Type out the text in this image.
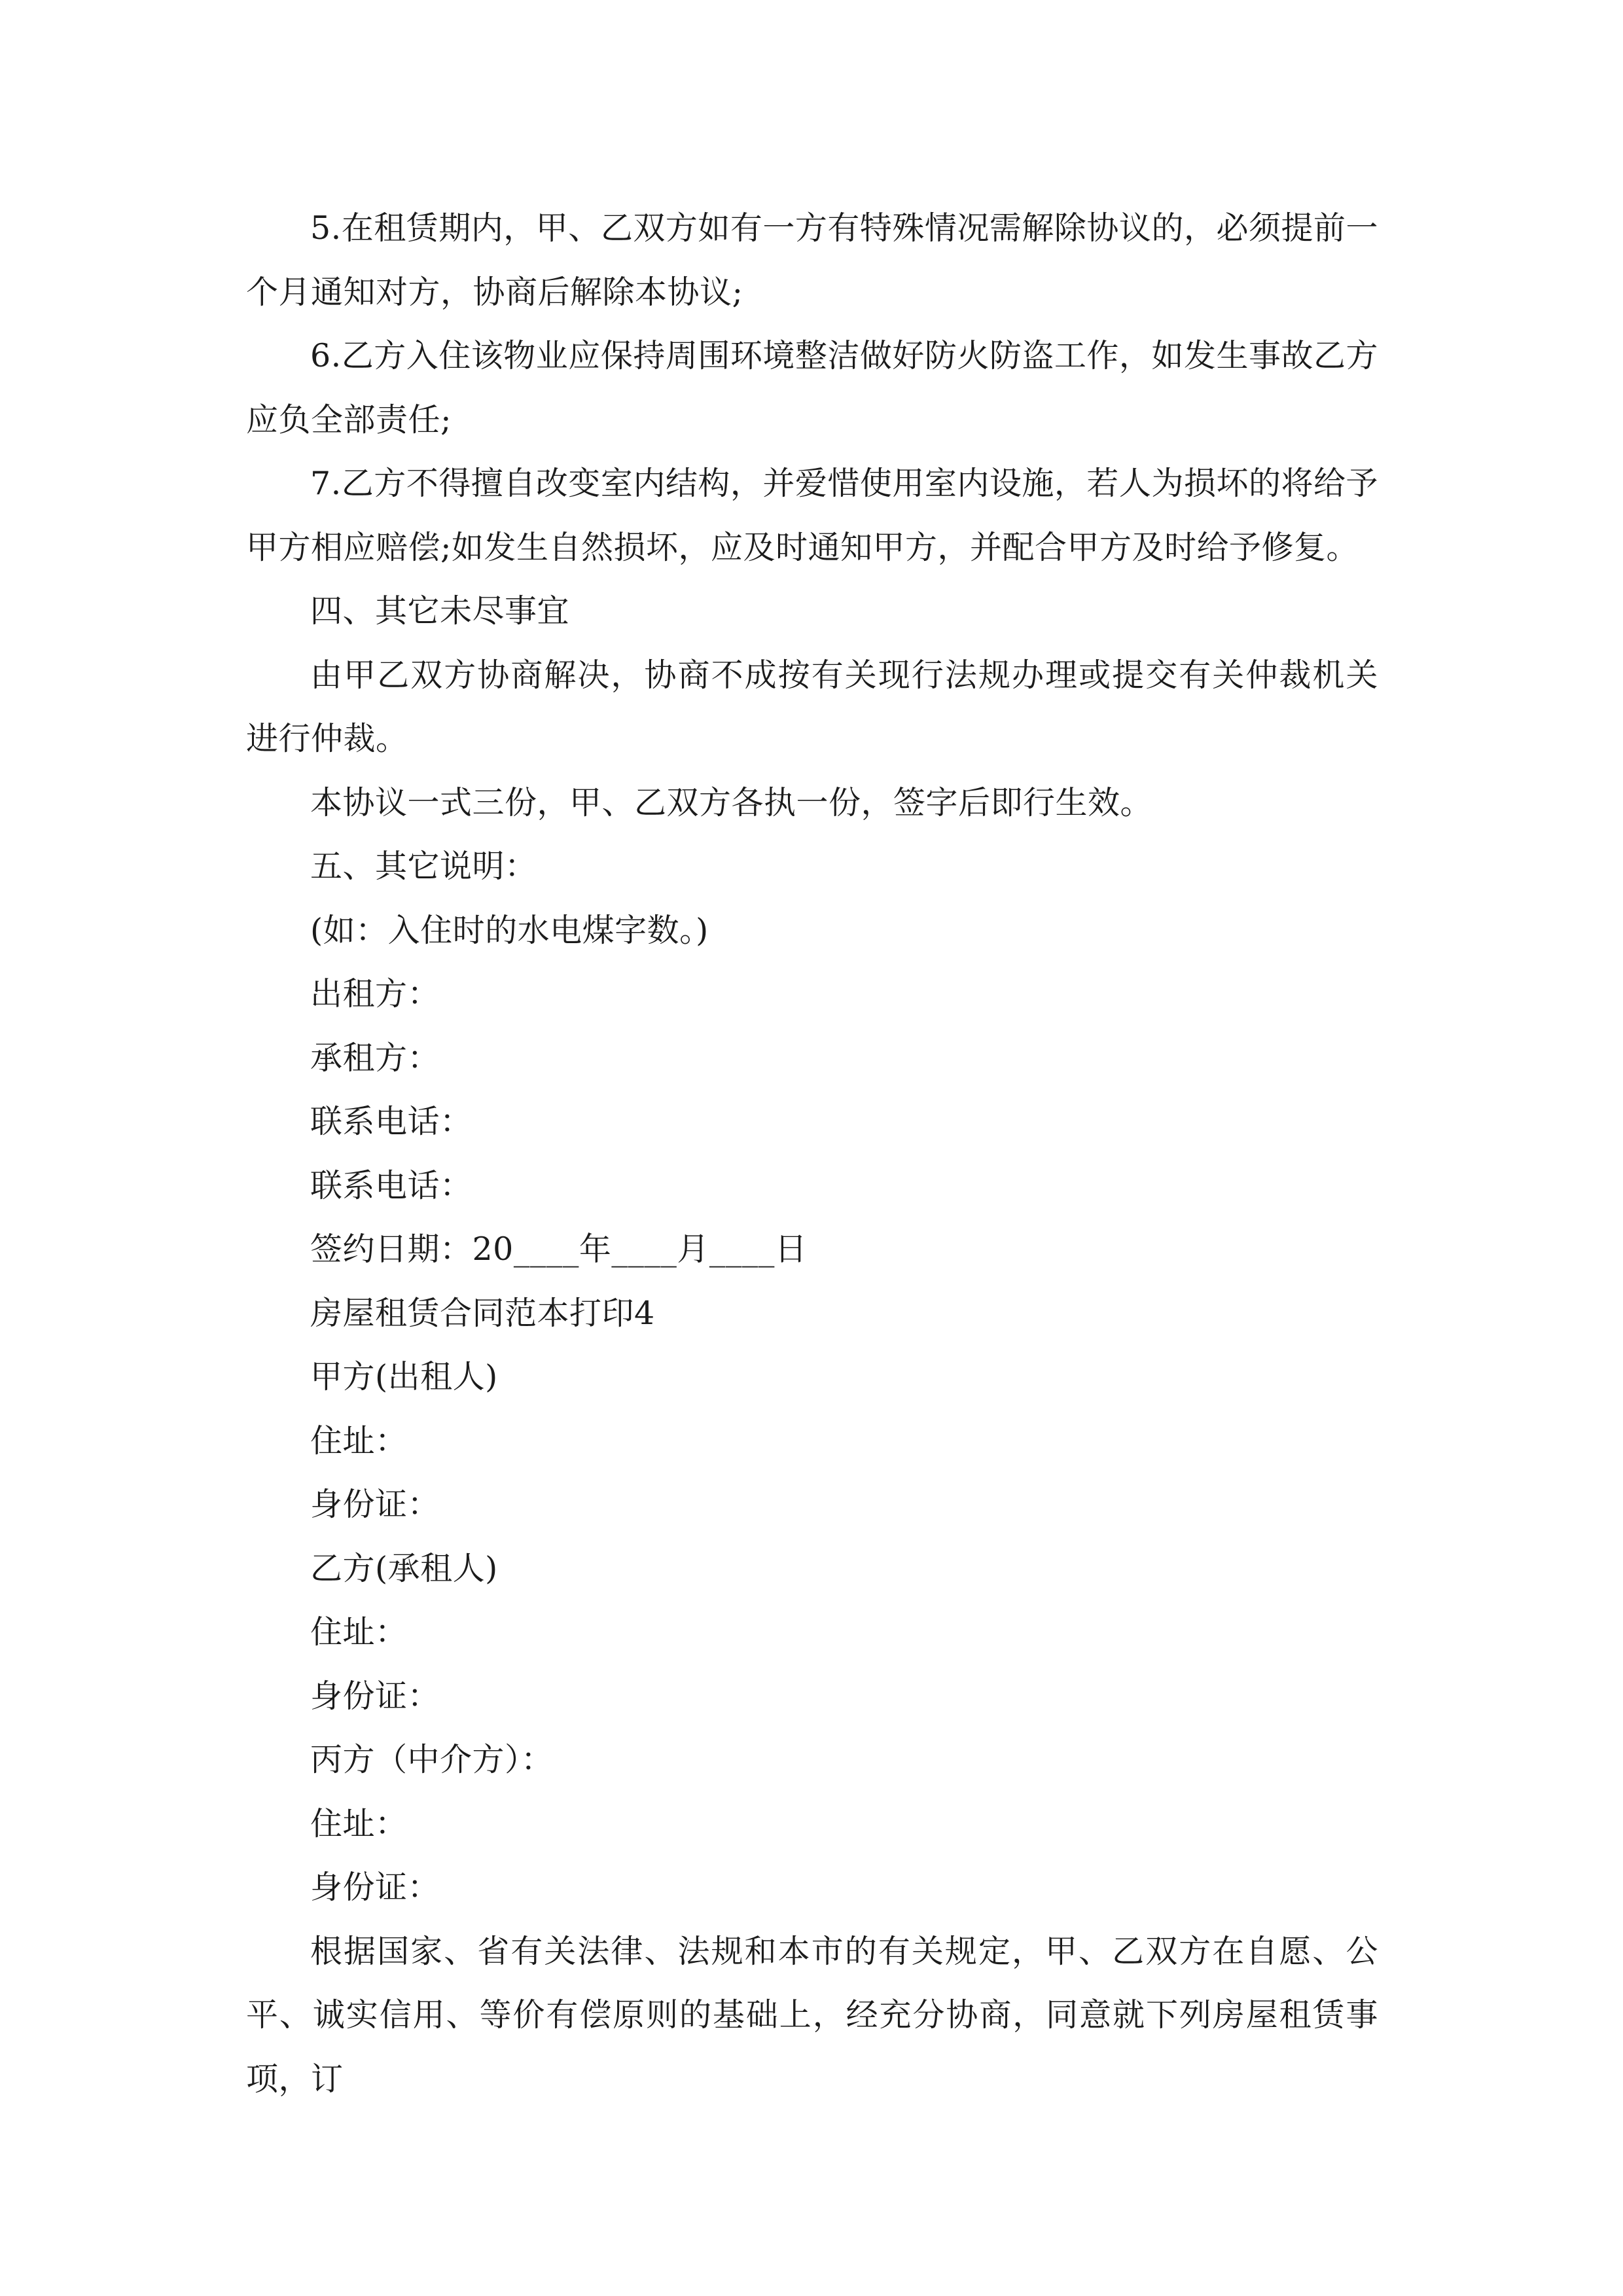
5.在租赁期内，甲、乙双方如有一方有特殊情况需解除协议的，必须提前一个月通知对方，协商后解除本协议;

6.乙方入住该物业应保持周围环境整洁做好防火防盗工作，如发生事故乙方应负全部责任;

7.乙方不得擅自改变室内结构，并爱惜使用室内设施，若人为损坏的将给予甲方相应赔偿;如发生自然损坏，应及时通知甲方，并配合甲方及时给予修复。

四、其它未尽事宜

由甲乙双方协商解决，协商不成按有关现行法规办理或提交有关仲裁机关进行仲裁。

本协议一式三份，甲、乙双方各执一份，签字后即行生效。

五、其它说明：

(如：入住时的水电煤字数。)

出租方：

承租方：

联系电话：

联系电话：

签约日期：20____年____月____日

房屋租赁合同范本打印4

甲方(出租人)

住址：

身份证：

乙方(承租人)

住址：

身份证：

丙方（中介方）：

住址：

身份证：

根据国家、省有关法律、法规和本市的有关规定，甲、乙双方在自愿、公平、诚实信用、等价有偿原则的基础上，经充分协商，同意就下列房屋租赁事项，订
